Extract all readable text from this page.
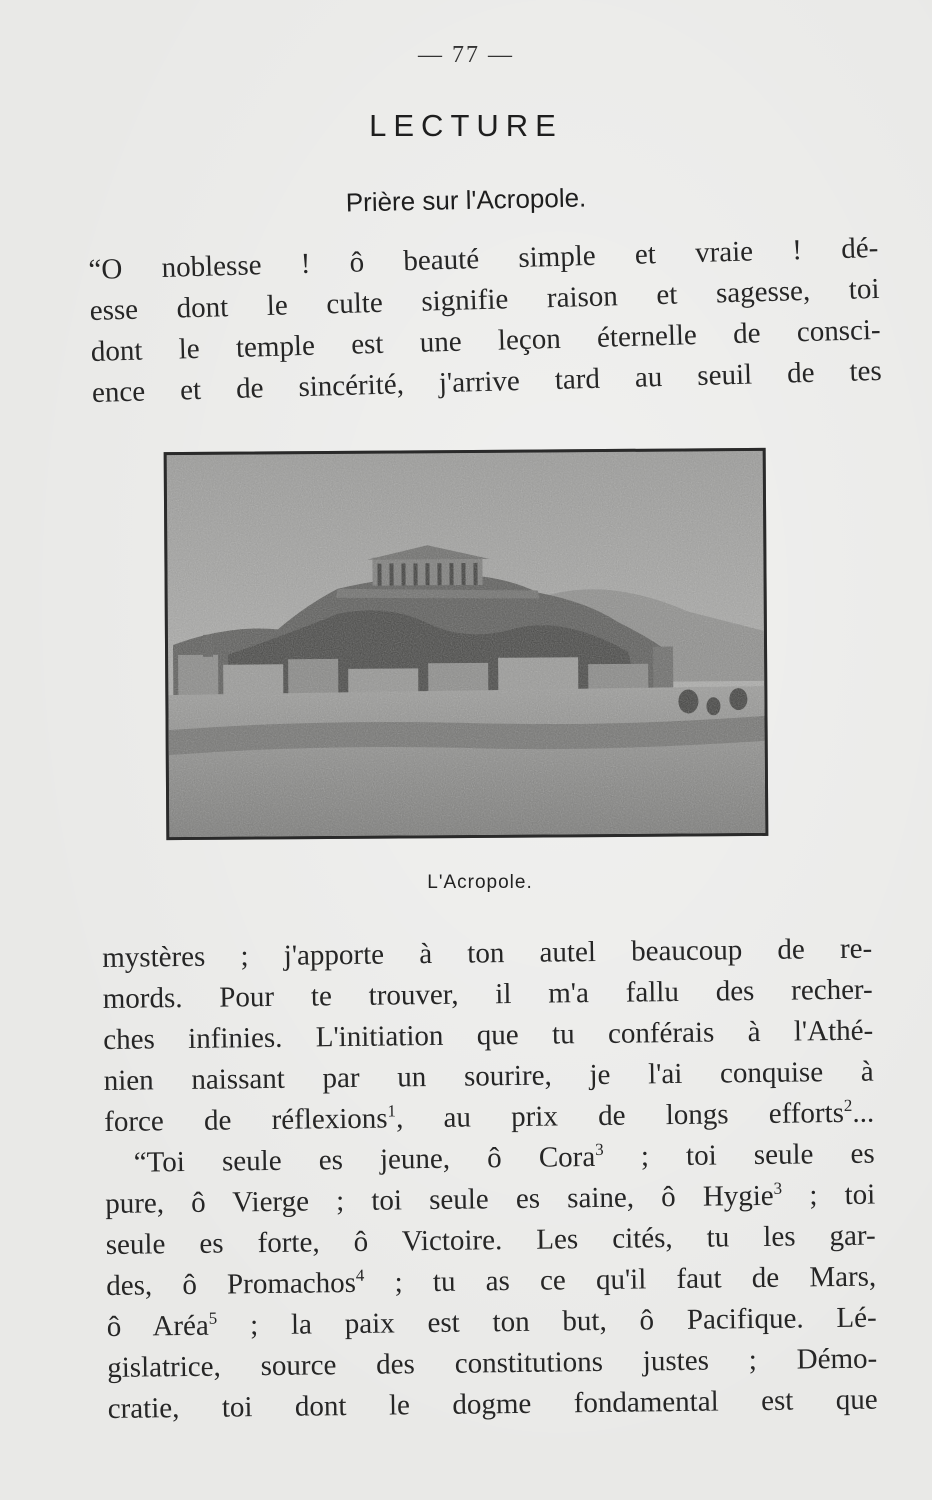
— 77 —
LECTURE
Prière sur l'Acropole.
“O noblesse ! ô beauté simple et vraie ! dé-
esse dont le culte signifie raison et sagesse, toi
dont le temple est une leçon éternelle de consci-
ence et de sincérité, j'arrive tard au seuil de tes
L'Acropole.
mystères ; j'apporte à ton autel beaucoup de re-
mords. Pour te trouver, il m'a fallu des recher-
ches infinies. L'initiation que tu conférais à l'Athé-
nien naissant par un sourire, je l'ai conquise à
force de réflexions$^1$, au prix de longs efforts$^2$...
 “Toi seule es jeune, ô Cora$^3$ ; toi seule es
pure, ô Vierge ; toi seule es saine, ô Hygie$^3$ ; toi
seule es forte, ô Victoire. Les cités, tu les gar-
des, ô Promachos$^4$ ; tu as ce qu'il faut de Mars,
ô Aréa$^5$ ; la paix est ton but, ô Pacifique. Lé-
gislatrice, source des constitutions justes ; Démo-
cratie, toi dont le dogme fondamental est que
